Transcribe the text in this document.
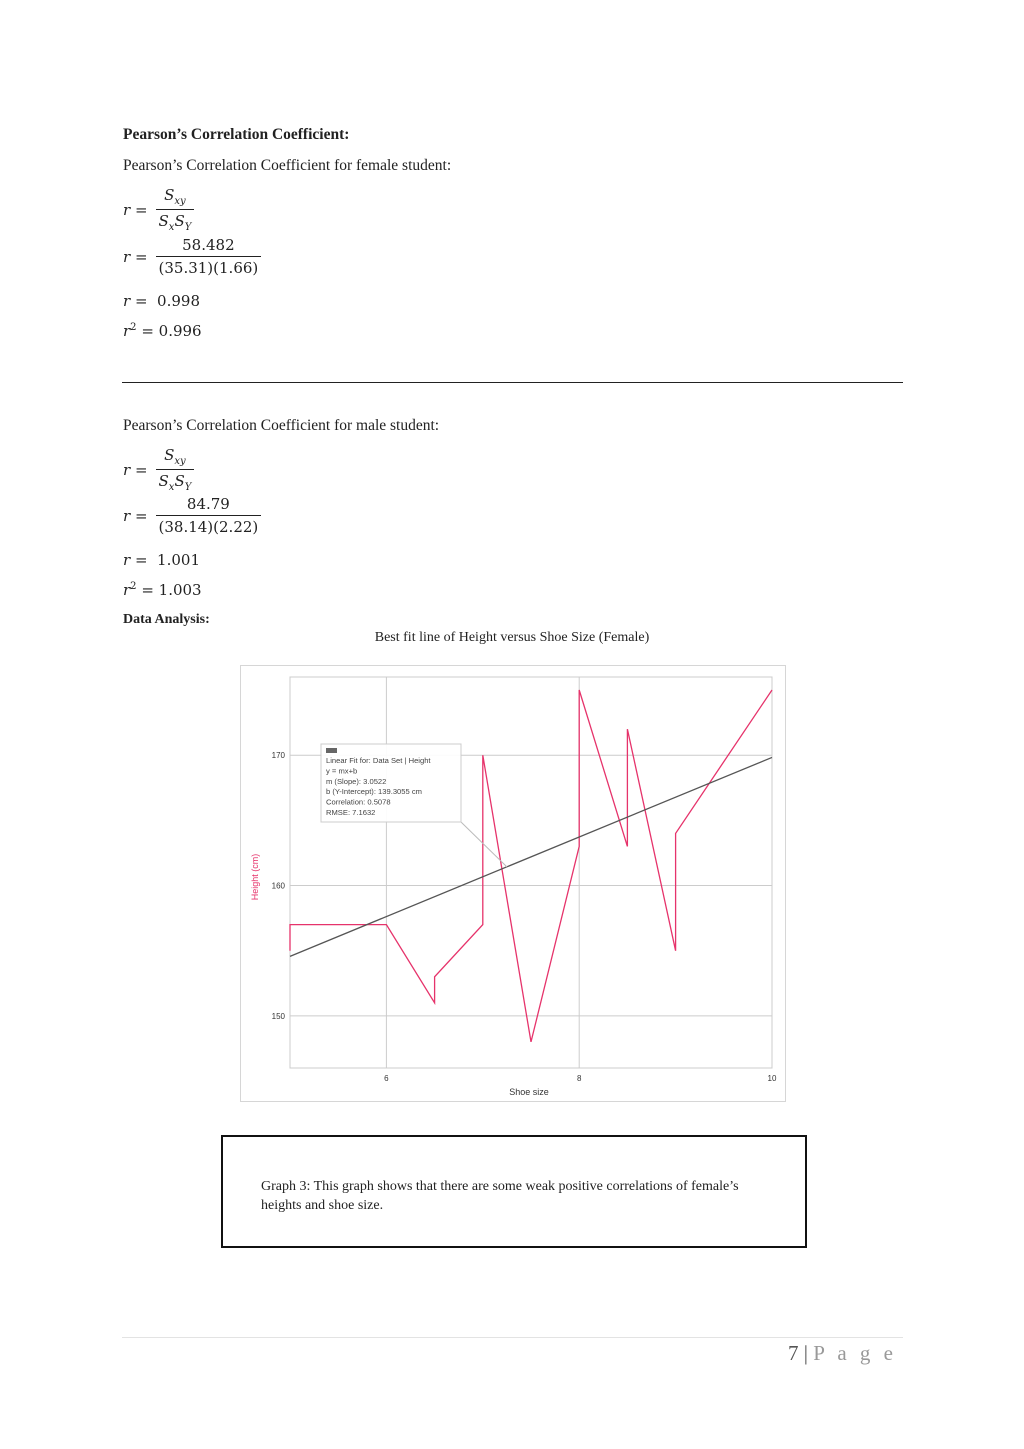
Pearson’s Correlation Coefficient:
Pearson’s Correlation Coefficient for female student:
$r = \frac{S_{xy}}{S_xS_Y}$
$r = \frac{58.482}{(35.31)(1.66)}$
r =  0.998
$r^2 = 0.996$
Pearson’s Correlation Coefficient for male student:
$r = \frac{S_{xy}}{S_xS_Y}$
$r = \frac{84.79}{(38.14)(2.22)}$
r =  1.001
$r^2 = 1.003$
Data Analysis:
Best fit line of Height versus Shoe Size (Female)
6	8	10
150
160
170
Linear Fit for: Data Set | Height
y = mx+b
m (Slope): 3.0522
b (Y-Intercept): 139.3055 cm
Correlation: 0.5078
RMSE: 7.1632
Shoe size
Height (cm)
Graph 3: This graph shows that there are some weak positive correlations of female’s heights and shoe size.
7 | P a g e
